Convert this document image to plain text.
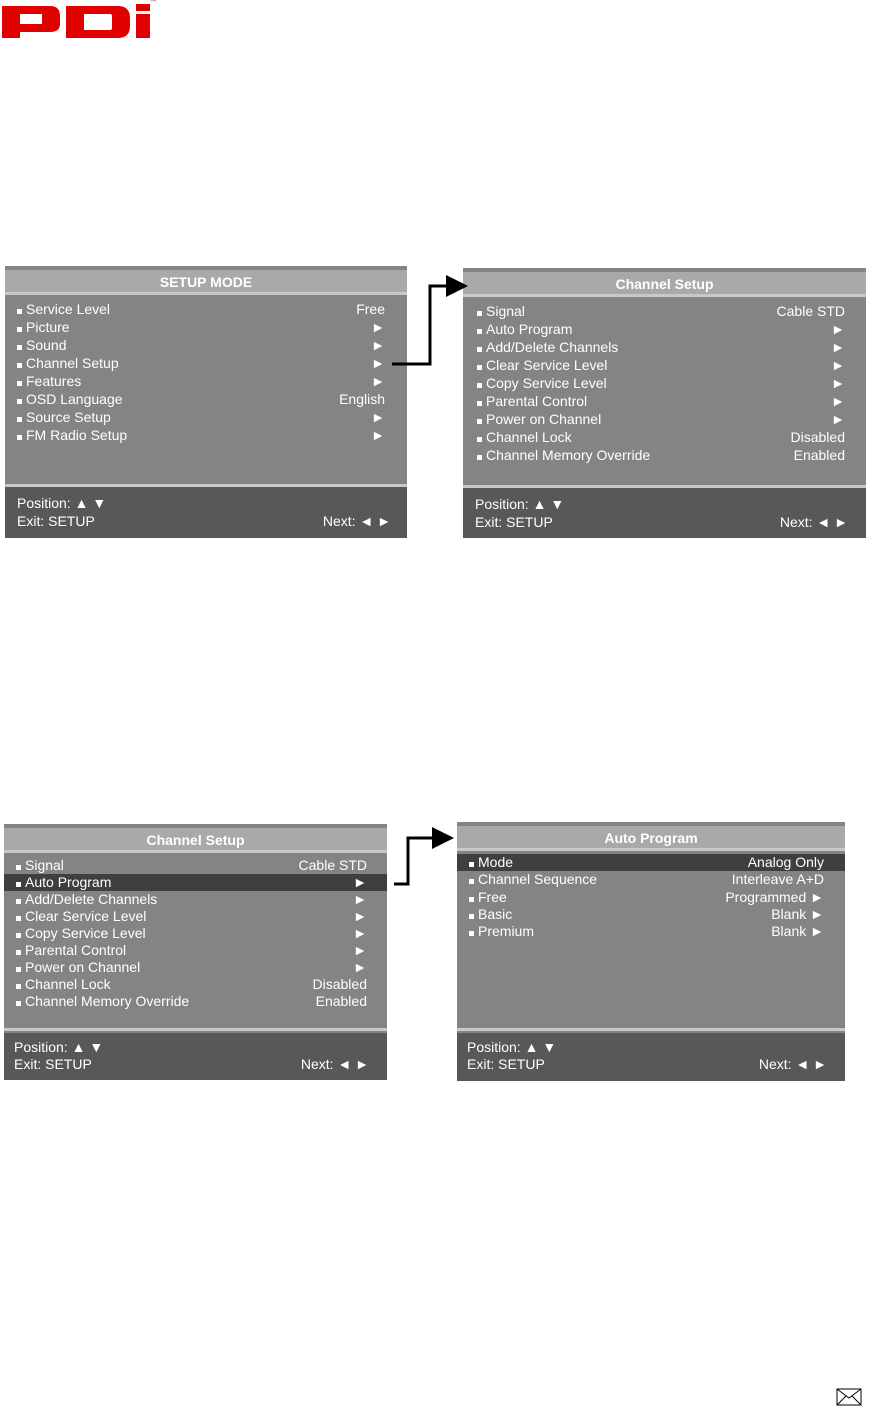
™
SETUP MODE
Service Level	Free
Picture	►
Sound	►
Channel Setup	►
Features	►
OSD Language	English
Source Setup	►
FM Radio Setup	►
Position: ▲ ▼
Exit: SETUP	Next: ◄ ►
Channel Setup
Signal	Cable STD
Auto Program	►
Add/Delete Channels	►
Clear Service Level	►
Copy Service Level	►
Parental Control	►
Power on Channel	►
Channel Lock	Disabled
Channel Memory Override	Enabled
Position: ▲ ▼
Exit: SETUP	Next: ◄ ►
Channel Setup
Signal	Cable STD
Auto Program	►
Add/Delete Channels	►
Clear Service Level	►
Copy Service Level	►
Parental Control	►
Power on Channel	►
Channel Lock	Disabled
Channel Memory Override	Enabled
Position: ▲ ▼
Exit: SETUP	Next: ◄ ►
Auto Program
Mode	Analog Only
Channel Sequence	Interleave A+D
Free	Programmed ►
Basic	Blank ►
Premium	Blank ►
Position: ▲ ▼
Exit: SETUP	Next: ◄ ►
